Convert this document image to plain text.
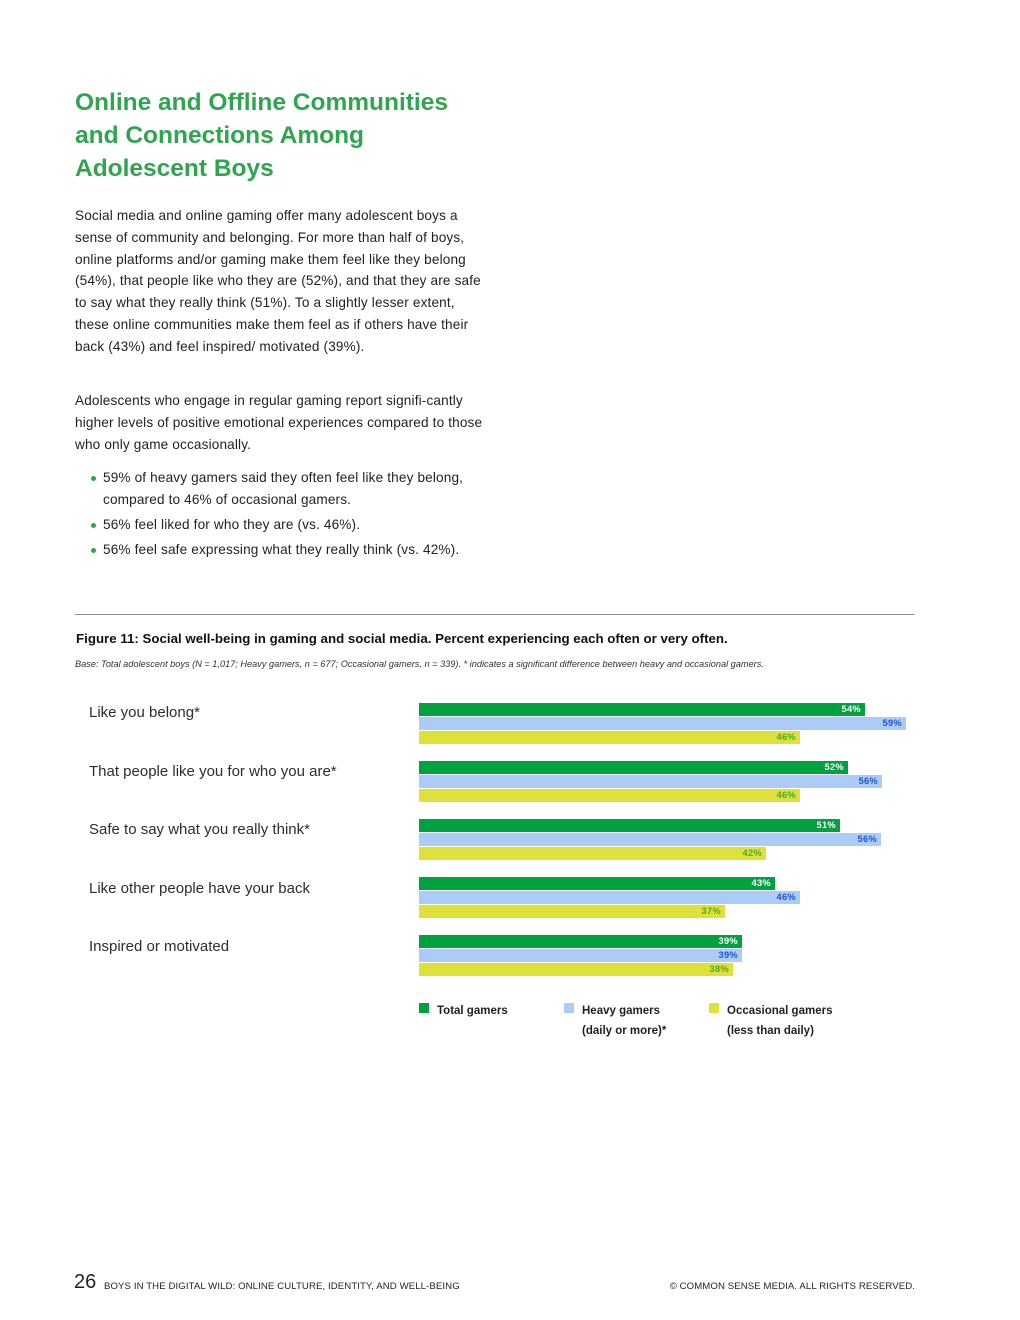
Online and Offline Communities
and Connections Among
Adolescent Boys

Social media and online gaming offer many adolescent boys a sense of community and belonging. For more than half of boys, online platforms and/or gaming make them feel like they belong (54%), that people like who they are (52%), and that they are safe to say what they really think (51%). To a slightly lesser extent, these online communities make them feel as if others have their back (43%) and feel inspired/ motivated (39%).

Adolescents who engage in regular gaming report signifi-cantly higher levels of positive emotional experiences compared to those who only game occasionally.

59% of heavy gamers said they often feel like they belong, compared to 46% of occasional gamers.
56% feel liked for who they are (vs. 46%).
56% feel safe expressing what they really think (vs. 42%).

Figure 11: Social well-being in gaming and social media. Percent experiencing each often or very often.

Base: Total adolescent boys (N = 1,017; Heavy gamers, n = 677; Occasional gamers, n = 339). * indicates a significant difference between heavy and occasional gamers.

Like you belong*	54%
59%
46%
That people like you for who you are*	52%
56%
46%
Safe to say what you really think*	51%
56%
42%
Like other people have your back	43%
46%
37%
Inspired or motivated	39%
39%
38%
Total gamers	Heavy gamers
(daily or more)*
Occasional gamers
(less than daily)
26 BOYS IN THE DIGITAL WILD: ONLINE CULTURE, IDENTITY, AND WELL-BEING	© COMMON SENSE MEDIA. ALL RIGHTS RESERVED.
